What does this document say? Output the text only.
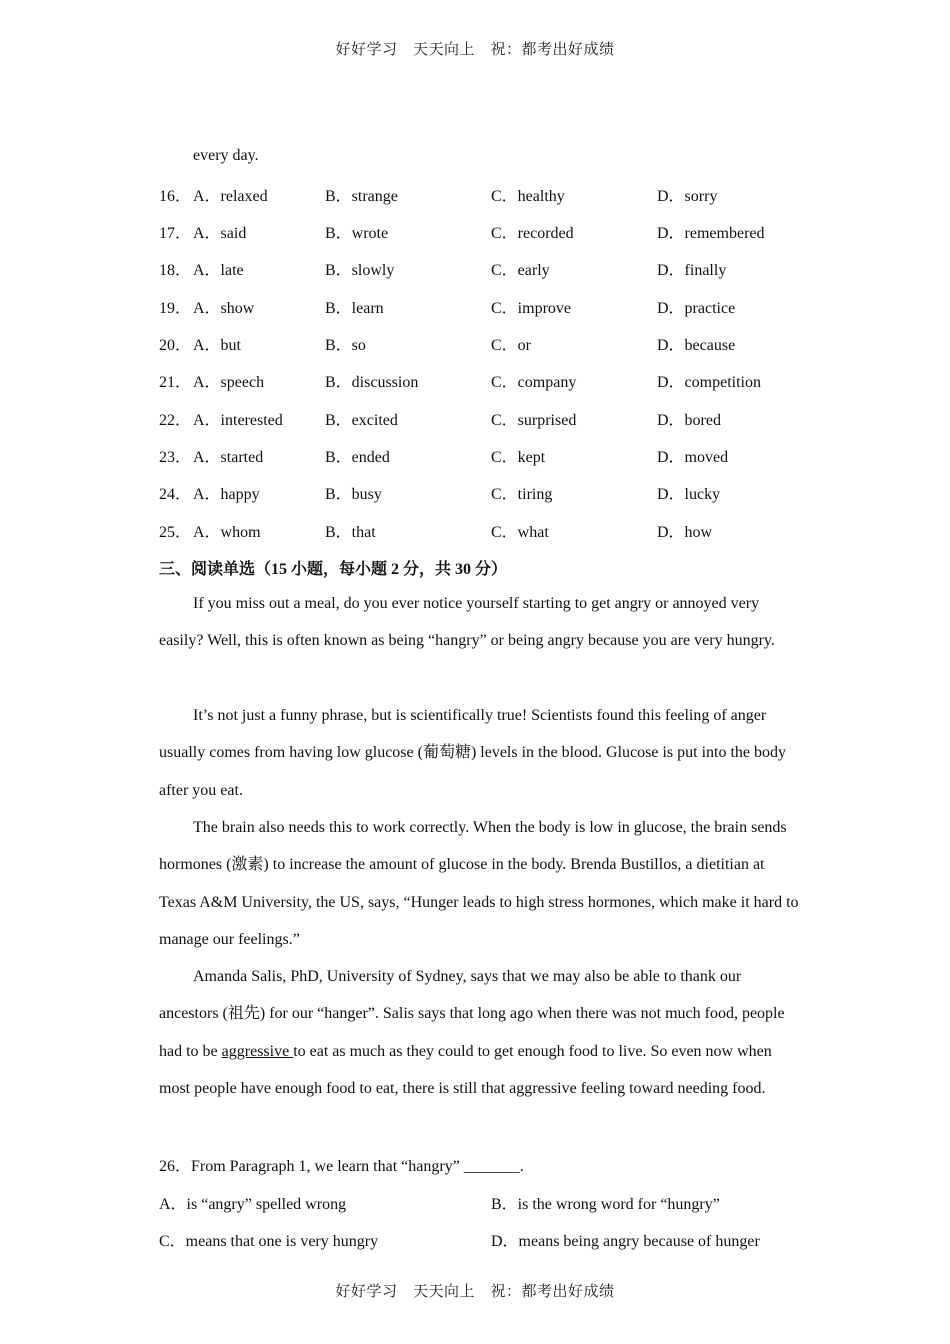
好好学习　天天向上　祝：都考出好成绩
every day.
16． A．relaxed	B．strange	C．healthy	D．sorry
17． A．said	B．wrote	C．recorded	D．remembered
18． A．late	B．slowly	C．early	D．finally
19． A．show	B．learn	C．improve	D．practice
20． A．but	B．so	C．or	D．because
21． A．speech	B．discussion	C．company	D．competition
22． A．interested	B．excited	C．surprised	D．bored
23． A．started	B．ended	C．kept	D．moved
24． A．happy	B．busy	C．tiring	D．lucky
25． A．whom	B．that	C．what	D．how
三、阅读单选（15 小题，每小题 2 分，共 30 分）
If you miss out a meal, do you ever notice yourself starting to get angry or annoyed very easily? Well, this is often known as being “hangry” or being angry because you are very hungry.
It’s not just a funny phrase, but is scientifically true! Scientists found this feeling of anger usually comes from having low glucose (葡萄糖) levels in the blood. Glucose is put into the body after you eat.
The brain also needs this to work correctly. When the body is low in glucose, the brain sends hormones (激素) to increase the amount of glucose in the body. Brenda Bustillos, a dietitian at Texas A&M University, the US, says, “Hunger leads to high stress hormones, which make it hard to manage our feelings.”
Amanda Salis, PhD, University of Sydney, says that we may also be able to thank our ancestors (祖先) for our “hanger”. Salis says that long ago when there was not much food, people had to be aggressive to eat as much as they could to get enough food to live. So even now when most people have enough food to eat, there is still that aggressive feeling toward needing food.
26．From Paragraph 1, we learn that “hangry” _______.
A．is “angry” spelled wrong	B．is the wrong word for “hungry”
C．means that one is very hungry	D．means being angry because of hunger
好好学习　天天向上　祝：都考出好成绩
